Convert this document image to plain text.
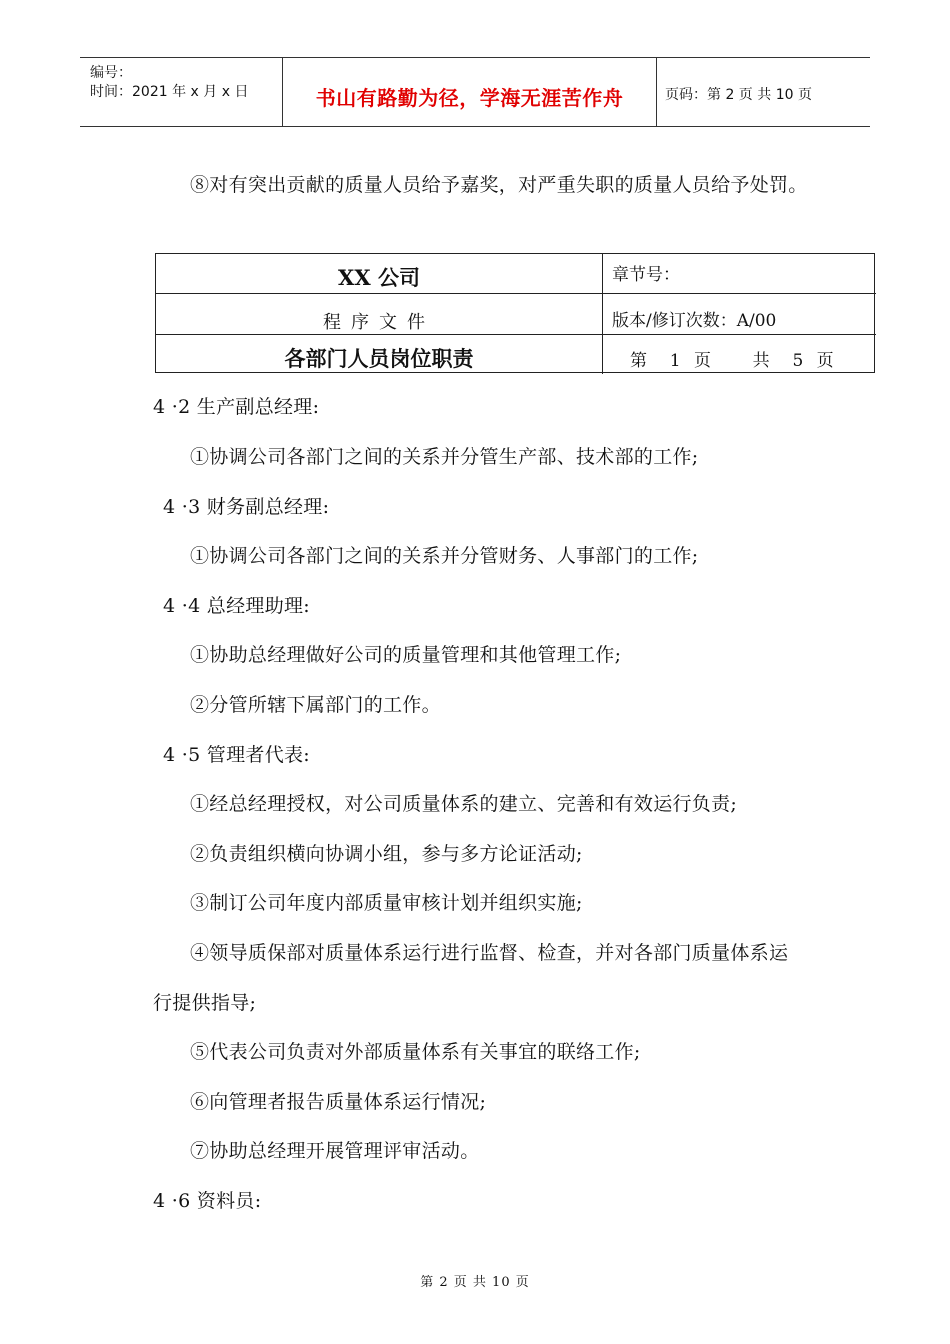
编号：
时间：2021 年 x 月 x 日	书山有路勤为径，学海无涯苦作舟	页码：第 2 页 共 10 页
⑧对有突出贡献的质量人员给予嘉奖，对严重失职的质量人员给予处罚。
XX 公司
程序文件
各部门人员岗位职责
章节号：
版本/修订次数：A/00
第  1 页    共  5 页
4 ·2 生产副总经理:
①协调公司各部门之间的关系并分管生产部、技术部的工作;
4 ·3 财务副总经理:
①协调公司各部门之间的关系并分管财务、人事部门的工作;
4 ·4 总经理助理:
①协助总经理做好公司的质量管理和其他管理工作;
②分管所辖下属部门的工作。
4 ·5 管理者代表:
①经总经理授权，对公司质量体系的建立、完善和有效运行负责;
②负责组织横向协调小组，参与多方论证活动;
③制订公司年度内部质量审核计划并组织实施;
④领导质保部对质量体系运行进行监督、检查，并对各部门质量体系运
行提供指导;
⑤代表公司负责对外部质量体系有关事宜的联络工作;
⑥向管理者报告质量体系运行情况;
⑦协助总经理开展管理评审活动。
4 ·6 资料员:
第 2 页 共 10 页
